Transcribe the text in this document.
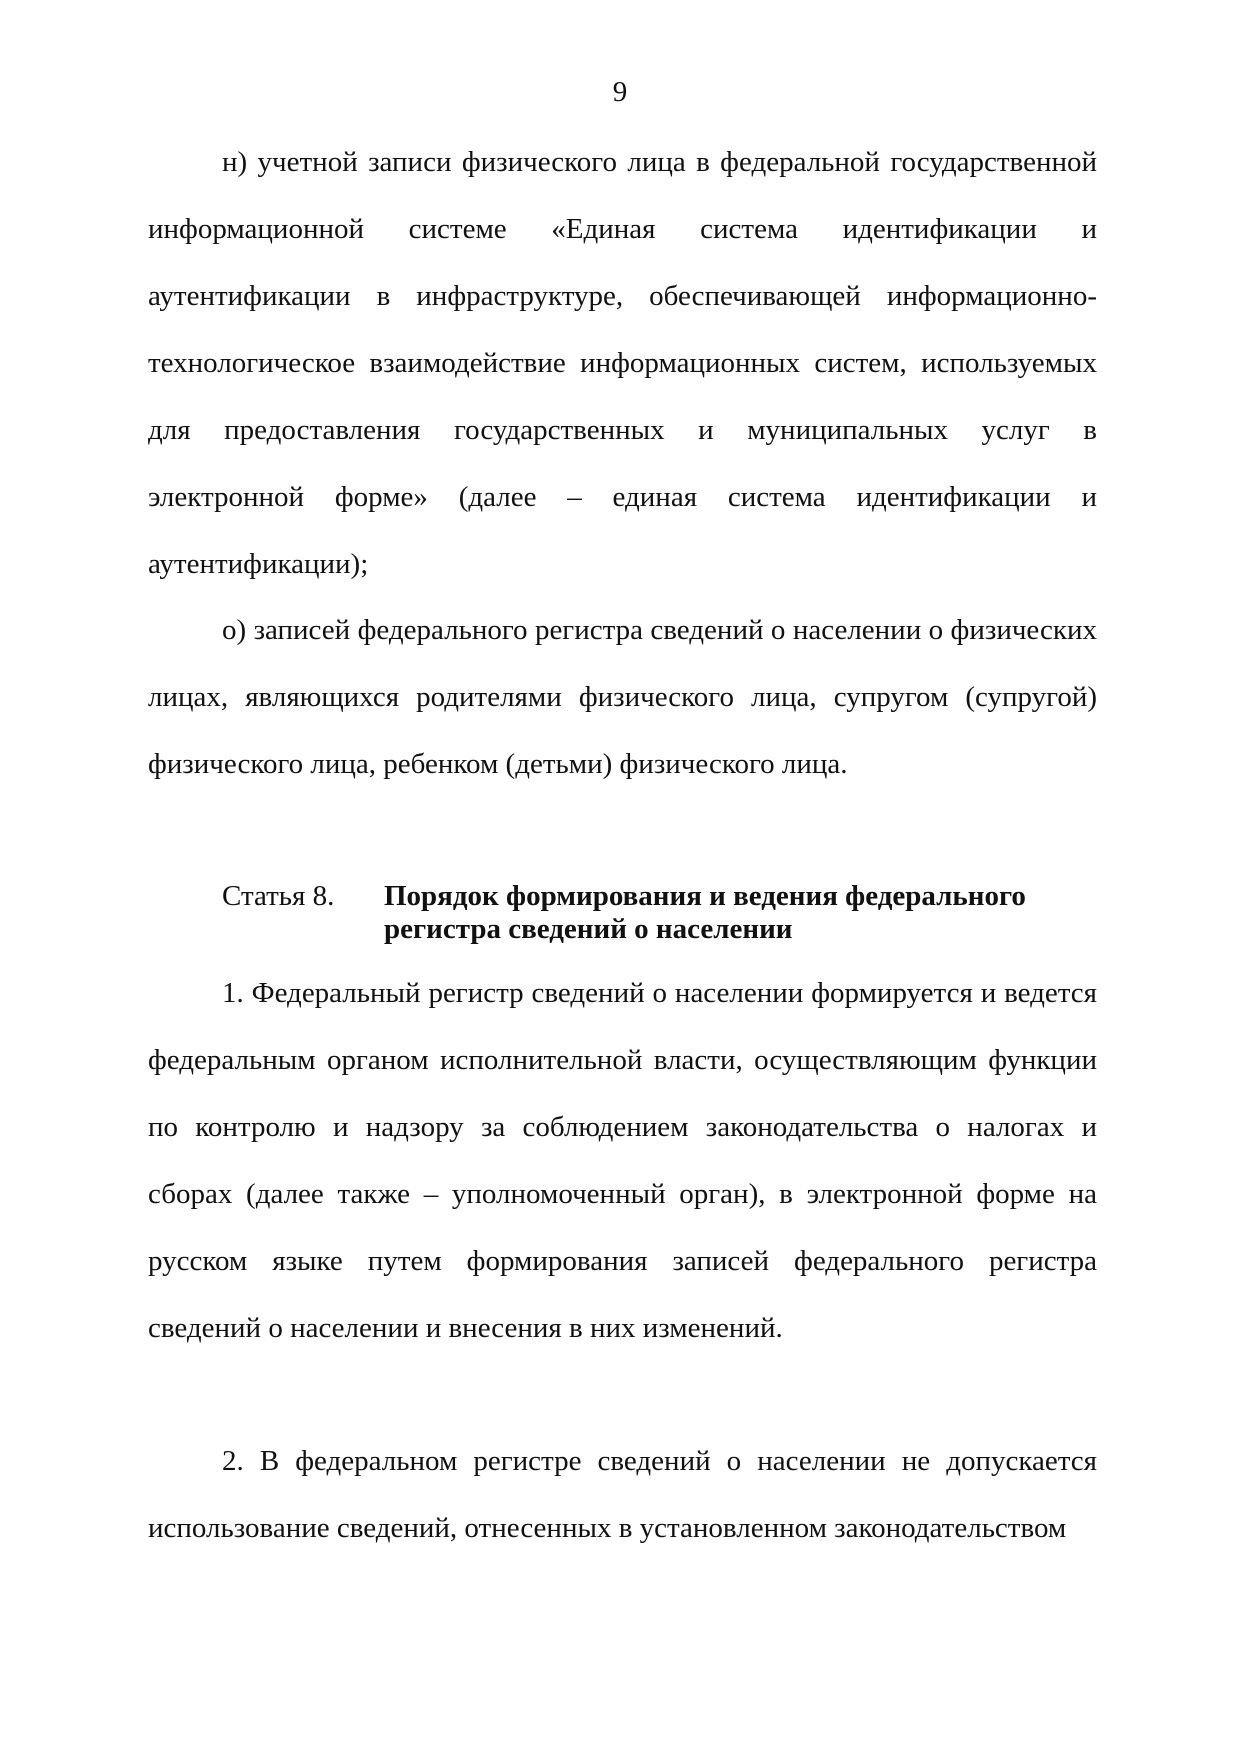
9

н) учетной записи физического лица в федеральной государственной информационной системе «Единая система идентификации и аутентификации в инфраструктуре, обеспечивающей информационно-технологическое взаимодействие информационных систем, используемых для предоставления государственных и муниципальных услуг в электронной форме» (далее – единая система идентификации и аутентификации);

о) записей федерального регистра сведений о населении о физических лицах, являющихся родителями физического лица, супругом (супругой) физического лица, ребенком (детьми) физического лица.

Статья 8. Порядок формирования и ведения федерального регистра сведений о населении

1. Федеральный регистр сведений о населении формируется и ведется федеральным органом исполнительной власти, осуществляющим функции по контролю и надзору за соблюдением законодательства о налогах и сборах (далее также – уполномоченный орган), в электронной форме на русском языке путем формирования записей федерального регистра сведений о населении и внесения в них изменений.

2. В федеральном регистре сведений о населении не допускается использование сведений, отнесенных в установленном законодательством
